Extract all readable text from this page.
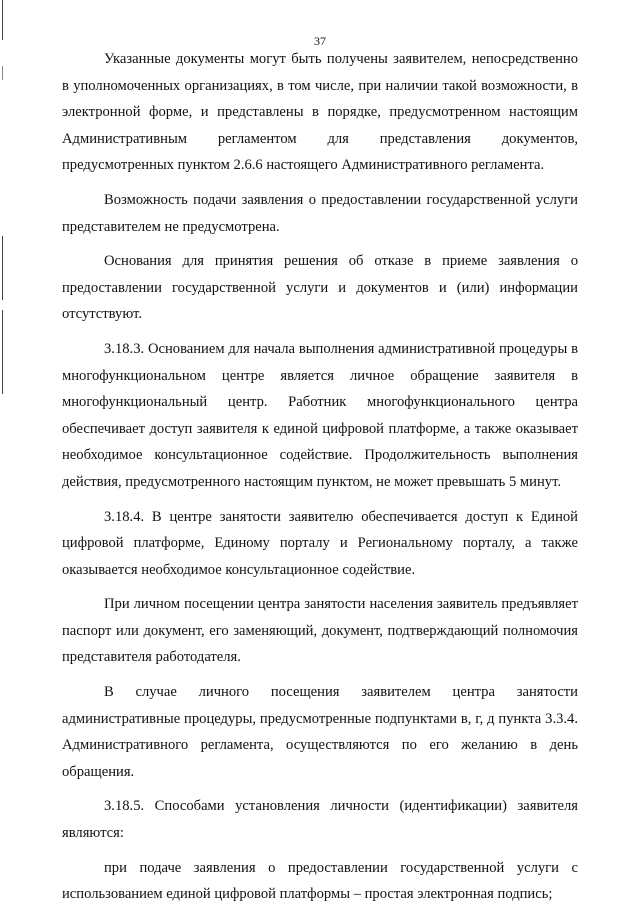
37

Указанные документы могут быть получены заявителем, непосредственно в уполномоченных организациях, в том числе, при наличии такой возможности, в электронной форме, и представлены в порядке, предусмотренном настоящим Административным регламентом для представления документов, предусмотренных пунктом 2.6.6 настоящего Административного регламента.

Возможность подачи заявления о предоставлении государственной услуги представителем не предусмотрена.

Основания для принятия решения об отказе в приеме заявления о предоставлении государственной услуги и документов и (или) информации отсутствуют.

3.18.3. Основанием для начала выполнения административной процедуры в многофункциональном центре является личное обращение заявителя в многофункциональный центр. Работник многофункционального центра обеспечивает доступ заявителя к единой цифровой платформе, а также оказывает необходимое консультационное содействие. Продолжительность выполнения действия, предусмотренного настоящим пунктом, не может превышать 5 минут.

3.18.4. В центре занятости заявителю обеспечивается доступ к Единой цифровой платформе, Единому порталу и Региональному порталу, а также оказывается необходимое консультационное содействие.

При личном посещении центра занятости населения заявитель предъявляет паспорт или документ, его заменяющий, документ, подтверждающий полномочия представителя работодателя.

В случае личного посещения заявителем центра занятости административные процедуры, предусмотренные подпунктами в, г, д пункта 3.3.4. Административного регламента, осуществляются по его желанию в день обращения.

3.18.5. Способами установления личности (идентификации) заявителя являются:

при подаче заявления о предоставлении государственной услуги с использованием единой цифровой платформы – простая электронная подпись;
